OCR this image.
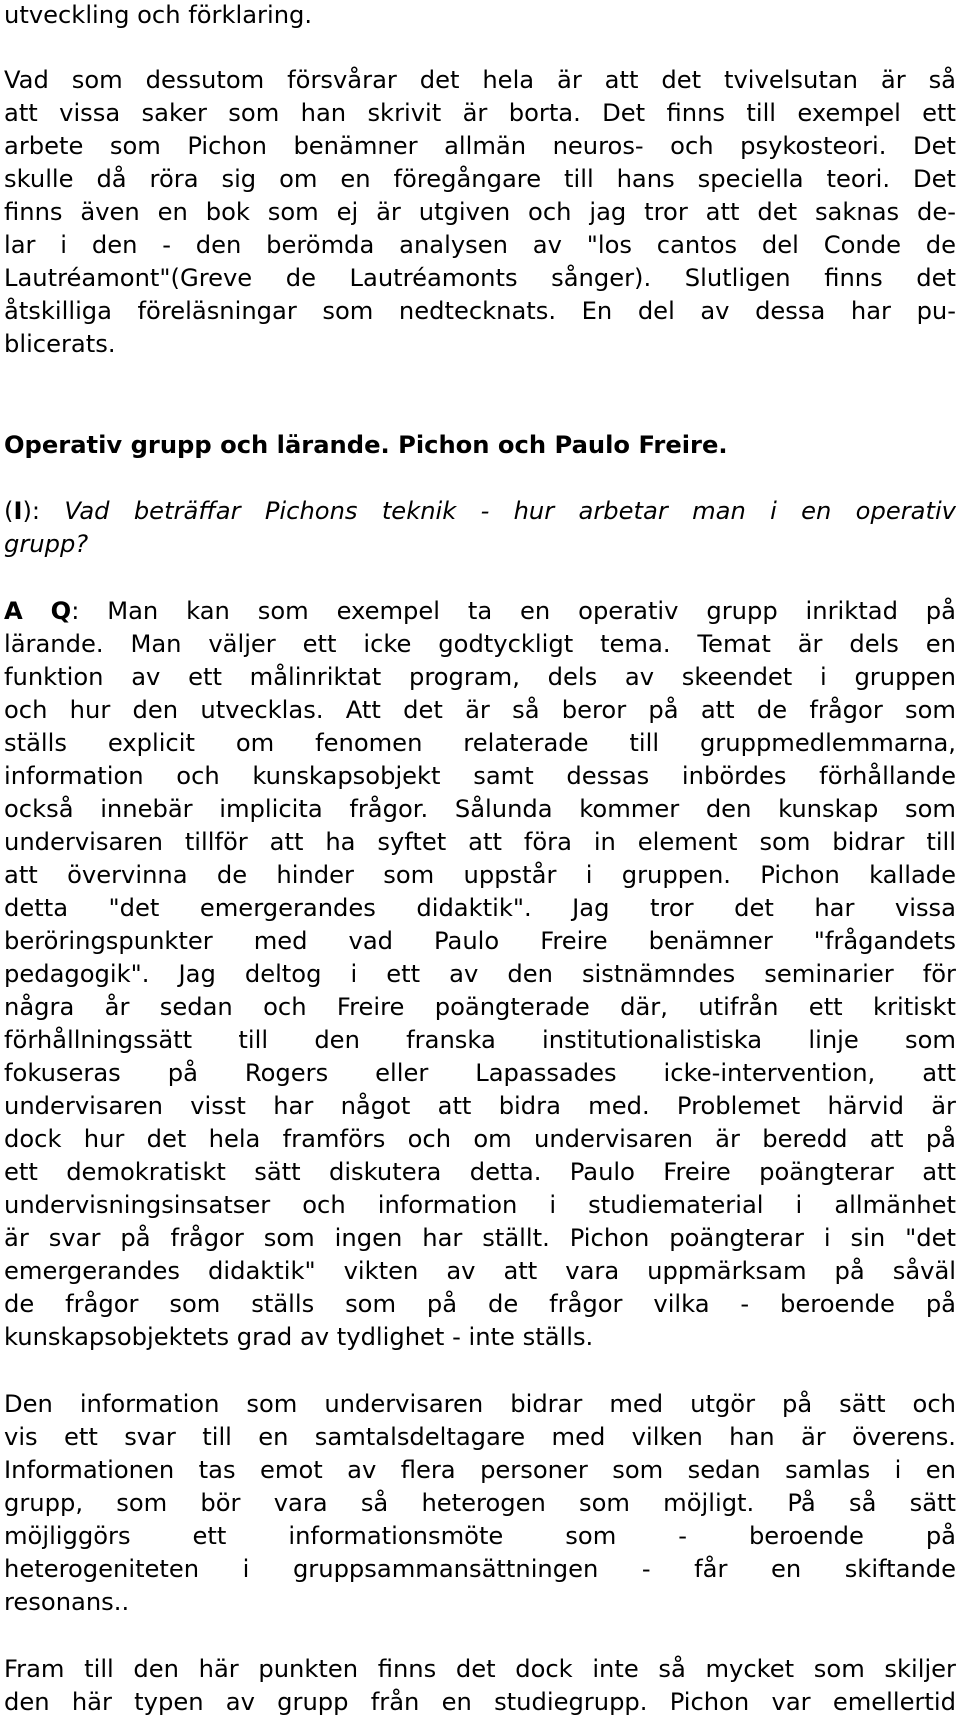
utveckling och förklaring.

Vad som dessutom försvårar det hela är att det tvivelsutan är så

att vissa saker som han skrivit är borta. Det finns till exempel ett

arbete som Pichon benämner allmän neuros- och psykosteori. Det

skulle då röra sig om en föregångare till hans speciella teori. Det

finns även en bok som ej är utgiven och jag tror att det saknas de-

lar i den - den berömda analysen av "los cantos del Conde de

Lautréamont"(Greve de Lautréamonts sånger). Slutligen finns det

åtskilliga föreläsningar som nedtecknats. En del av dessa har pu-

blicerats.

Operativ grupp och lärande. Pichon och Paulo Freire.

(I): Vad beträffar Pichons teknik - hur arbetar man i en operativ

grupp?

A Q: Man kan som exempel ta en operativ grupp inriktad på

lärande. Man väljer ett icke godtyckligt tema. Temat är dels en

funktion av ett målinriktat program, dels av skeendet i gruppen

och hur den utvecklas. Att det är så beror på att de frågor som

ställs explicit om fenomen relaterade till gruppmedlemmarna,

information och kunskapsobjekt samt dessas inbördes förhållande

också innebär implicita frågor. Sålunda kommer den kunskap som

undervisaren tillför att ha syftet att föra in element som bidrar till

att övervinna de hinder som uppstår i gruppen. Pichon kallade

detta "det emergerandes didaktik". Jag tror det har vissa

beröringspunkter med vad Paulo Freire benämner "frågandets

pedagogik". Jag deltog i ett av den sistnämndes seminarier för

några år sedan och Freire poängterade där, utifrån ett kritiskt

förhållningssätt till den franska institutionalistiska linje som

fokuseras på Rogers eller Lapassades icke-intervention, att

undervisaren visst har något att bidra med. Problemet härvid är

dock hur det hela framförs och om undervisaren är beredd att på

ett demokratiskt sätt diskutera detta. Paulo Freire poängterar att

undervisningsinsatser och information i studiematerial i allmänhet

är svar på frågor som ingen har ställt. Pichon poängterar i sin "det

emergerandes didaktik" vikten av att vara uppmärksam på såväl

de frågor som ställs som på de frågor vilka - beroende på

kunskapsobjektets grad av tydlighet - inte ställs.

Den information som undervisaren bidrar med utgör på sätt och

vis ett svar till en samtalsdeltagare med vilken han är överens.

Informationen tas emot av flera personer som sedan samlas i en

grupp, som bör vara så heterogen som möjligt. På så sätt

möjliggörs ett informationsmöte som - beroende på

heterogeniteten i gruppsammansättningen - får en skiftande

resonans..

Fram till den här punkten finns det dock inte så mycket som skiljer

den här typen av grupp från en studiegrupp. Pichon var emellertid
